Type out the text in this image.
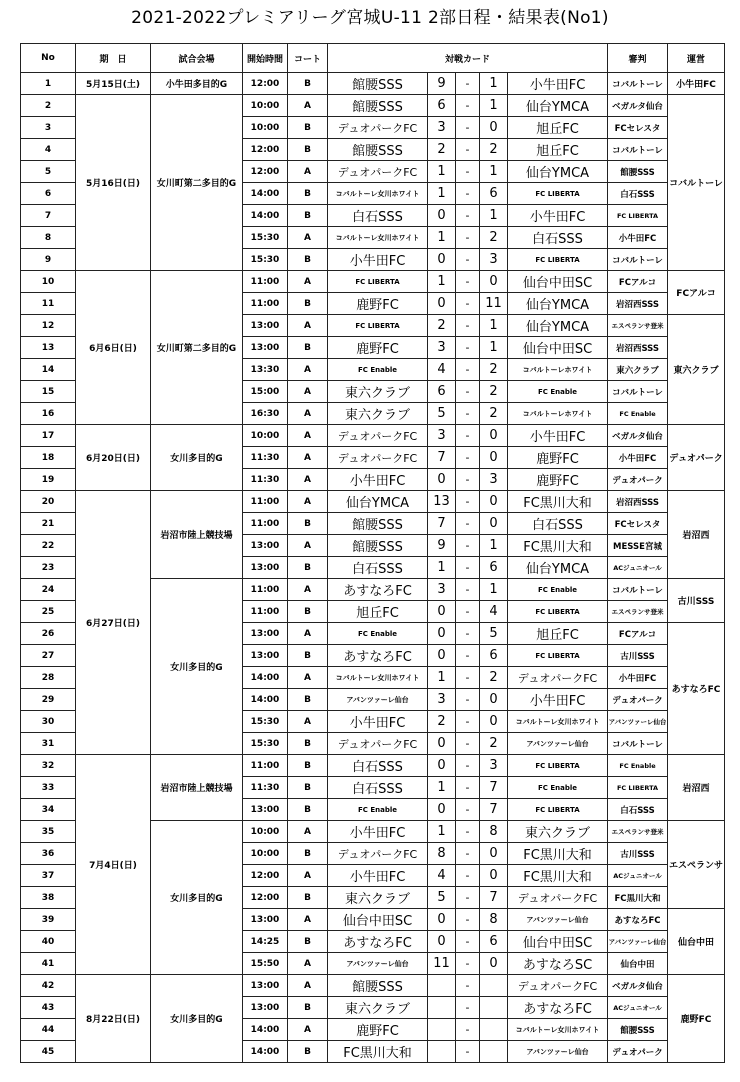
2021-2022プレミアリーグ宮城U-11 2部日程・結果表(No1)
No	期　日	試合会場	開始時間	コート	対戦カード					審判	運営
1	5月15日(土)	小牛田多目的G	12:00	B	館腰SSS	9	-	1	小牛田FC	コバルトーレ	小牛田FC
2	5月16日(日)	女川町第二多目的G	10:00	A	館腰SSS	6	-	1	仙台YMCA	ベガルタ仙台	コバルトーレ
3			10:00	B	デュオパークFC	3	-	0	旭丘FC	FCセレスタ	
4			12:00	B	館腰SSS	2	-	2	旭丘FC	コバルトーレ	
5			12:00	A	デュオパークFC	1	-	1	仙台YMCA	館腰SSS	
6			14:00	B	コバルトーレ女川ホワイト	1	-	6	FC LIBERTA	白石SSS	
7			14:00	B	白石SSS	0	-	1	小牛田FC	FC LIBERTA	
8			15:30	A	コバルトーレ女川ホワイト	1	-	2	白石SSS	小牛田FC	
9			15:30	B	小牛田FC	0	-	3	FC LIBERTA	コバルトーレ	
10	6月6日(日)	女川町第二多目的G	11:00	A	FC LIBERTA	1	-	0	仙台中田SC	FCアルコ	FCアルコ
11			11:00	B	鹿野FC	0	-	11	仙台YMCA	岩沼西SSS	
12			13:00	A	FC LIBERTA	2	-	1	仙台YMCA	エスペランサ登米	東六クラブ
13			13:00	B	鹿野FC	3	-	1	仙台中田SC	岩沼西SSS	
14			13:30	A	FC Enable	4	-	2	コバルトーレホワイト	東六クラブ	
15			15:00	A	東六クラブ	6	-	2	FC Enable	コバルトーレ	
16			16:30	A	東六クラブ	5	-	2	コバルトーレホワイト	FC Enable	
17	6月20日(日)	女川多目的G	10:00	A	デュオパークFC	3	-	0	小牛田FC	ベガルタ仙台	デュオパーク
18			11:30	A	デュオパークFC	7	-	0	鹿野FC	小牛田FC	
19			11:30	A	小牛田FC	0	-	3	鹿野FC	デュオパーク	
20	6月27日(日)	岩沼市陸上競技場	11:00	A	仙台YMCA	13	-	0	FC黒川大和	岩沼西SSS	岩沼西
21			11:00	B	館腰SSS	7	-	0	白石SSS	FCセレスタ	
22			13:00	A	館腰SSS	9	-	1	FC黒川大和	MESSE宮城	
23			13:00	B	白石SSS	1	-	6	仙台YMCA	ACジュニオール	
24		女川多目的G	11:00	A	あすなろFC	3	-	1	FC Enable	コバルトーレ	古川SSS
25			11:00	B	旭丘FC	0	-	4	FC LIBERTA	エスペランサ登米	
26			13:00	A	FC Enable	0	-	5	旭丘FC	FCアルコ	あすなろFC
27			13:00	B	あすなろFC	0	-	6	FC LIBERTA	古川SSS	
28			14:00	A	コバルトーレ女川ホワイト	1	-	2	デュオパークFC	小牛田FC	
29			14:00	B	アバンツァーレ仙台	3	-	0	小牛田FC	デュオパーク	
30			15:30	A	小牛田FC	2	-	0	コバルトーレ女川ホワイト	アバンツァーレ仙台	
31			15:30	B	デュオパークFC	0	-	2	アバンツァーレ仙台	コバルトーレ	
32	7月4日(日)	岩沼市陸上競技場	11:00	B	白石SSS	0	-	3	FC LIBERTA	FC Enable	岩沼西
33			11:30	B	白石SSS	1	-	7	FC Enable	FC LIBERTA	
34			13:00	B	FC Enable	0	-	7	FC LIBERTA	白石SSS	
35		女川多目的G	10:00	A	小牛田FC	1	-	8	東六クラブ	エスペランサ登米	エスペランサ
36			10:00	B	デュオパークFC	8	-	0	FC黒川大和	古川SSS	
37			12:00	A	小牛田FC	4	-	0	FC黒川大和	ACジュニオール	
38			12:00	B	東六クラブ	5	-	7	デュオパークFC	FC黒川大和	
39			13:00	A	仙台中田SC	0	-	8	アバンツァーレ仙台	あすなろFC	仙台中田
40			14:25	B	あすなろFC	0	-	6	仙台中田SC	アバンツァーレ仙台	
41			15:50	A	アバンツァーレ仙台	11	-	0	あすなろSC	仙台中田	
42	8月22日(日)	女川多目的G	13:00	A	館腰SSS		-		デュオパークFC	ベガルタ仙台	鹿野FC
43			13:00	B	東六クラブ		-		あすなろFC	ACジュニオール	
44			14:00	A	鹿野FC		-		コバルトーレ女川ホワイト	館腰SSS	
45			14:00	B	FC黒川大和		-		アバンツァーレ仙台	デュオパーク	
